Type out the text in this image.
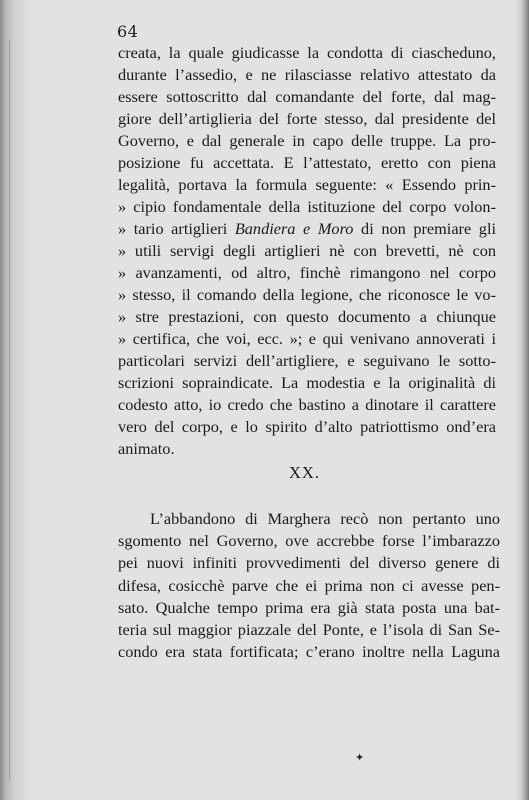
64
creata, la quale giudicasse la condotta di ciascheduno,
durante l’assedio, e ne rilasciasse relativo attestato da
essere sottoscritto dal comandante del forte, dal mag-
giore dell’artiglieria del forte stesso, dal presidente del
Governo, e dal generale in capo delle truppe. La pro-
posizione fu accettata. E l’attestato, eretto con piena
legalità, portava la formula seguente: « Essendo prin-
» cipio fondamentale della istituzione del corpo volon-
» tario artiglieri Bandiera e Moro di non premiare gli
» utili servigi degli artiglieri nè con brevetti, nè con
» avanzamenti, od altro, finchè rimangono nel corpo
» stesso, il comando della legione, che riconosce le vo-
» stre prestazioni, con questo documento a chiunque
» certifica, che voi, ecc. »; e qui venivano annoverati i
particolari servizi dell’artigliere, e seguivano le sotto-
scrizioni sopraindicate. La modestia e la originalità di
codesto atto, io credo che bastino a dinotare il carattere
vero del corpo, e lo spirito d’alto patriottismo ond’era
animato.
XX.
L’abbandono di Marghera recò non pertanto uno
sgomento nel Governo, ove accrebbe forse l’imbarazzo
pei nuovi infiniti provvedimenti del diverso genere di
difesa, cosicchè parve che ei prima non ci avesse pen-
sato. Qualche tempo prima era già stata posta una bat-
teria sul maggior piazzale del Ponte, e l’isola di San Se-
condo era stata fortificata; c’erano inoltre nella Laguna
✦
